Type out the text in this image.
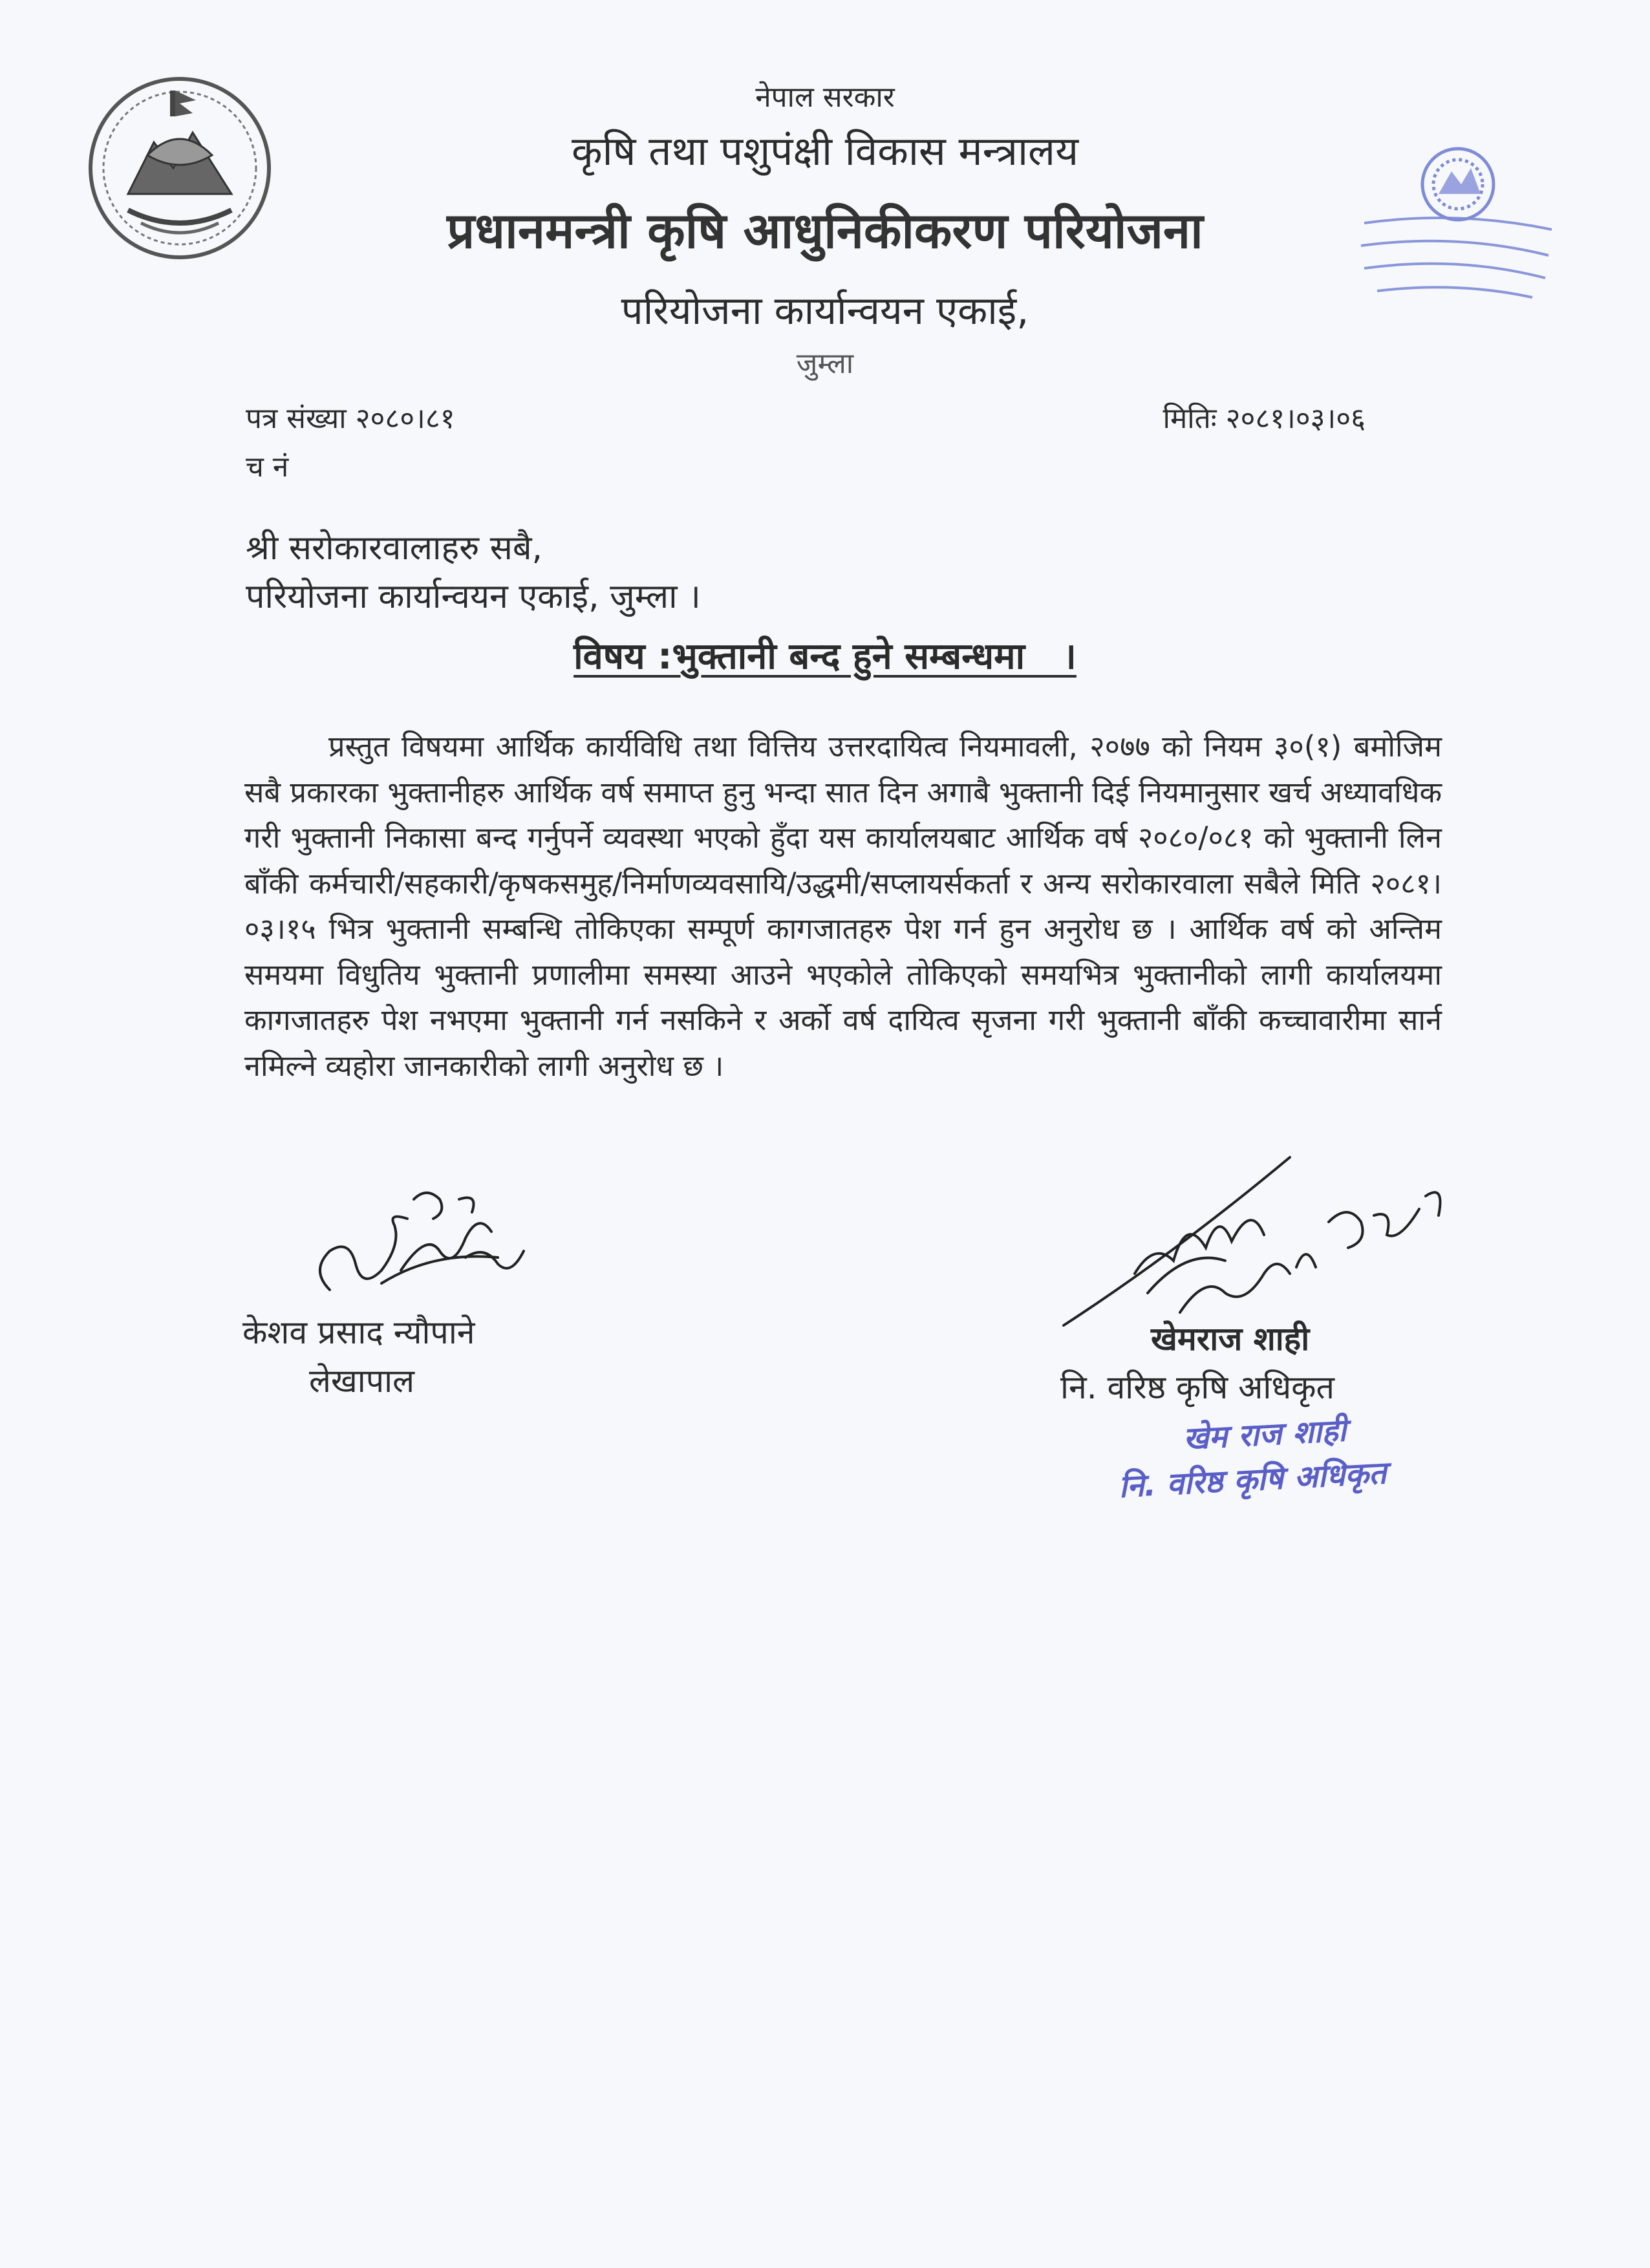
नेपाल सरकार
कृषि तथा पशुपंक्षी विकास मन्त्रालय
प्रधानमन्त्री कृषि आधुनिकीकरण परियोजना
परियोजना कार्यान्वयन एकाई,
जुम्ला
पत्र संख्या २०८०।८१	मितिः २०८१।०३।०६
च नं
श्री सरोकारवालाहरु सबै,
परियोजना कार्यान्वयन एकाई, जुम्ला ।
विषय :भुक्तानी बन्द हुने सम्बन्धमा   ।

प्रस्तुत विषयमा आर्थिक कार्यविधि तथा वित्तिय उत्तरदायित्व नियमावली, २०७७ को नियम ३०(१) बमोजिम सबै प्रकारका भुक्तानीहरु आर्थिक वर्ष समाप्त हुनु भन्दा सात दिन अगाबै भुक्तानी दिई नियमानुसार खर्च अध्यावधिक गरी भुक्तानी निकासा बन्द गर्नुपर्ने व्यवस्था भएको हुँदा यस कार्यालयबाट आर्थिक वर्ष २०८०/०८१ को भुक्तानी लिन बाँकी कर्मचारी/सहकारी/कृषकसमुह/निर्माणव्यवसायि/उद्धमी/सप्लायर्सकर्ता र अन्य सरोकारवाला सबैले मिति २०८१।०३।१५ भित्र भुक्तानी सम्बन्धि तोकिएका सम्पूर्ण कागजातहरु पेश गर्न हुन अनुरोध छ । आर्थिक वर्ष को अन्तिम समयमा विधुतिय भुक्तानी प्रणालीमा समस्या आउने भएकोले तोकिएको समयभित्र भुक्तानीको लागी कार्यालयमा कागजातहरु पेश नभएमा भुक्तानी गर्न नसकिने र अर्को वर्ष दायित्व सृजना गरी भुक्तानी बाँकी कच्चावारीमा सार्न नमिल्ने व्यहोरा जानकारीको लागी अनुरोध छ ।

केशव प्रसाद न्यौपाने
लेखापाल
खेमराज शाही
नि. वरिष्ठ कृषि अधिकृत
खेम राज शाही
नि. वरिष्ठ कृषि अधिकृत
